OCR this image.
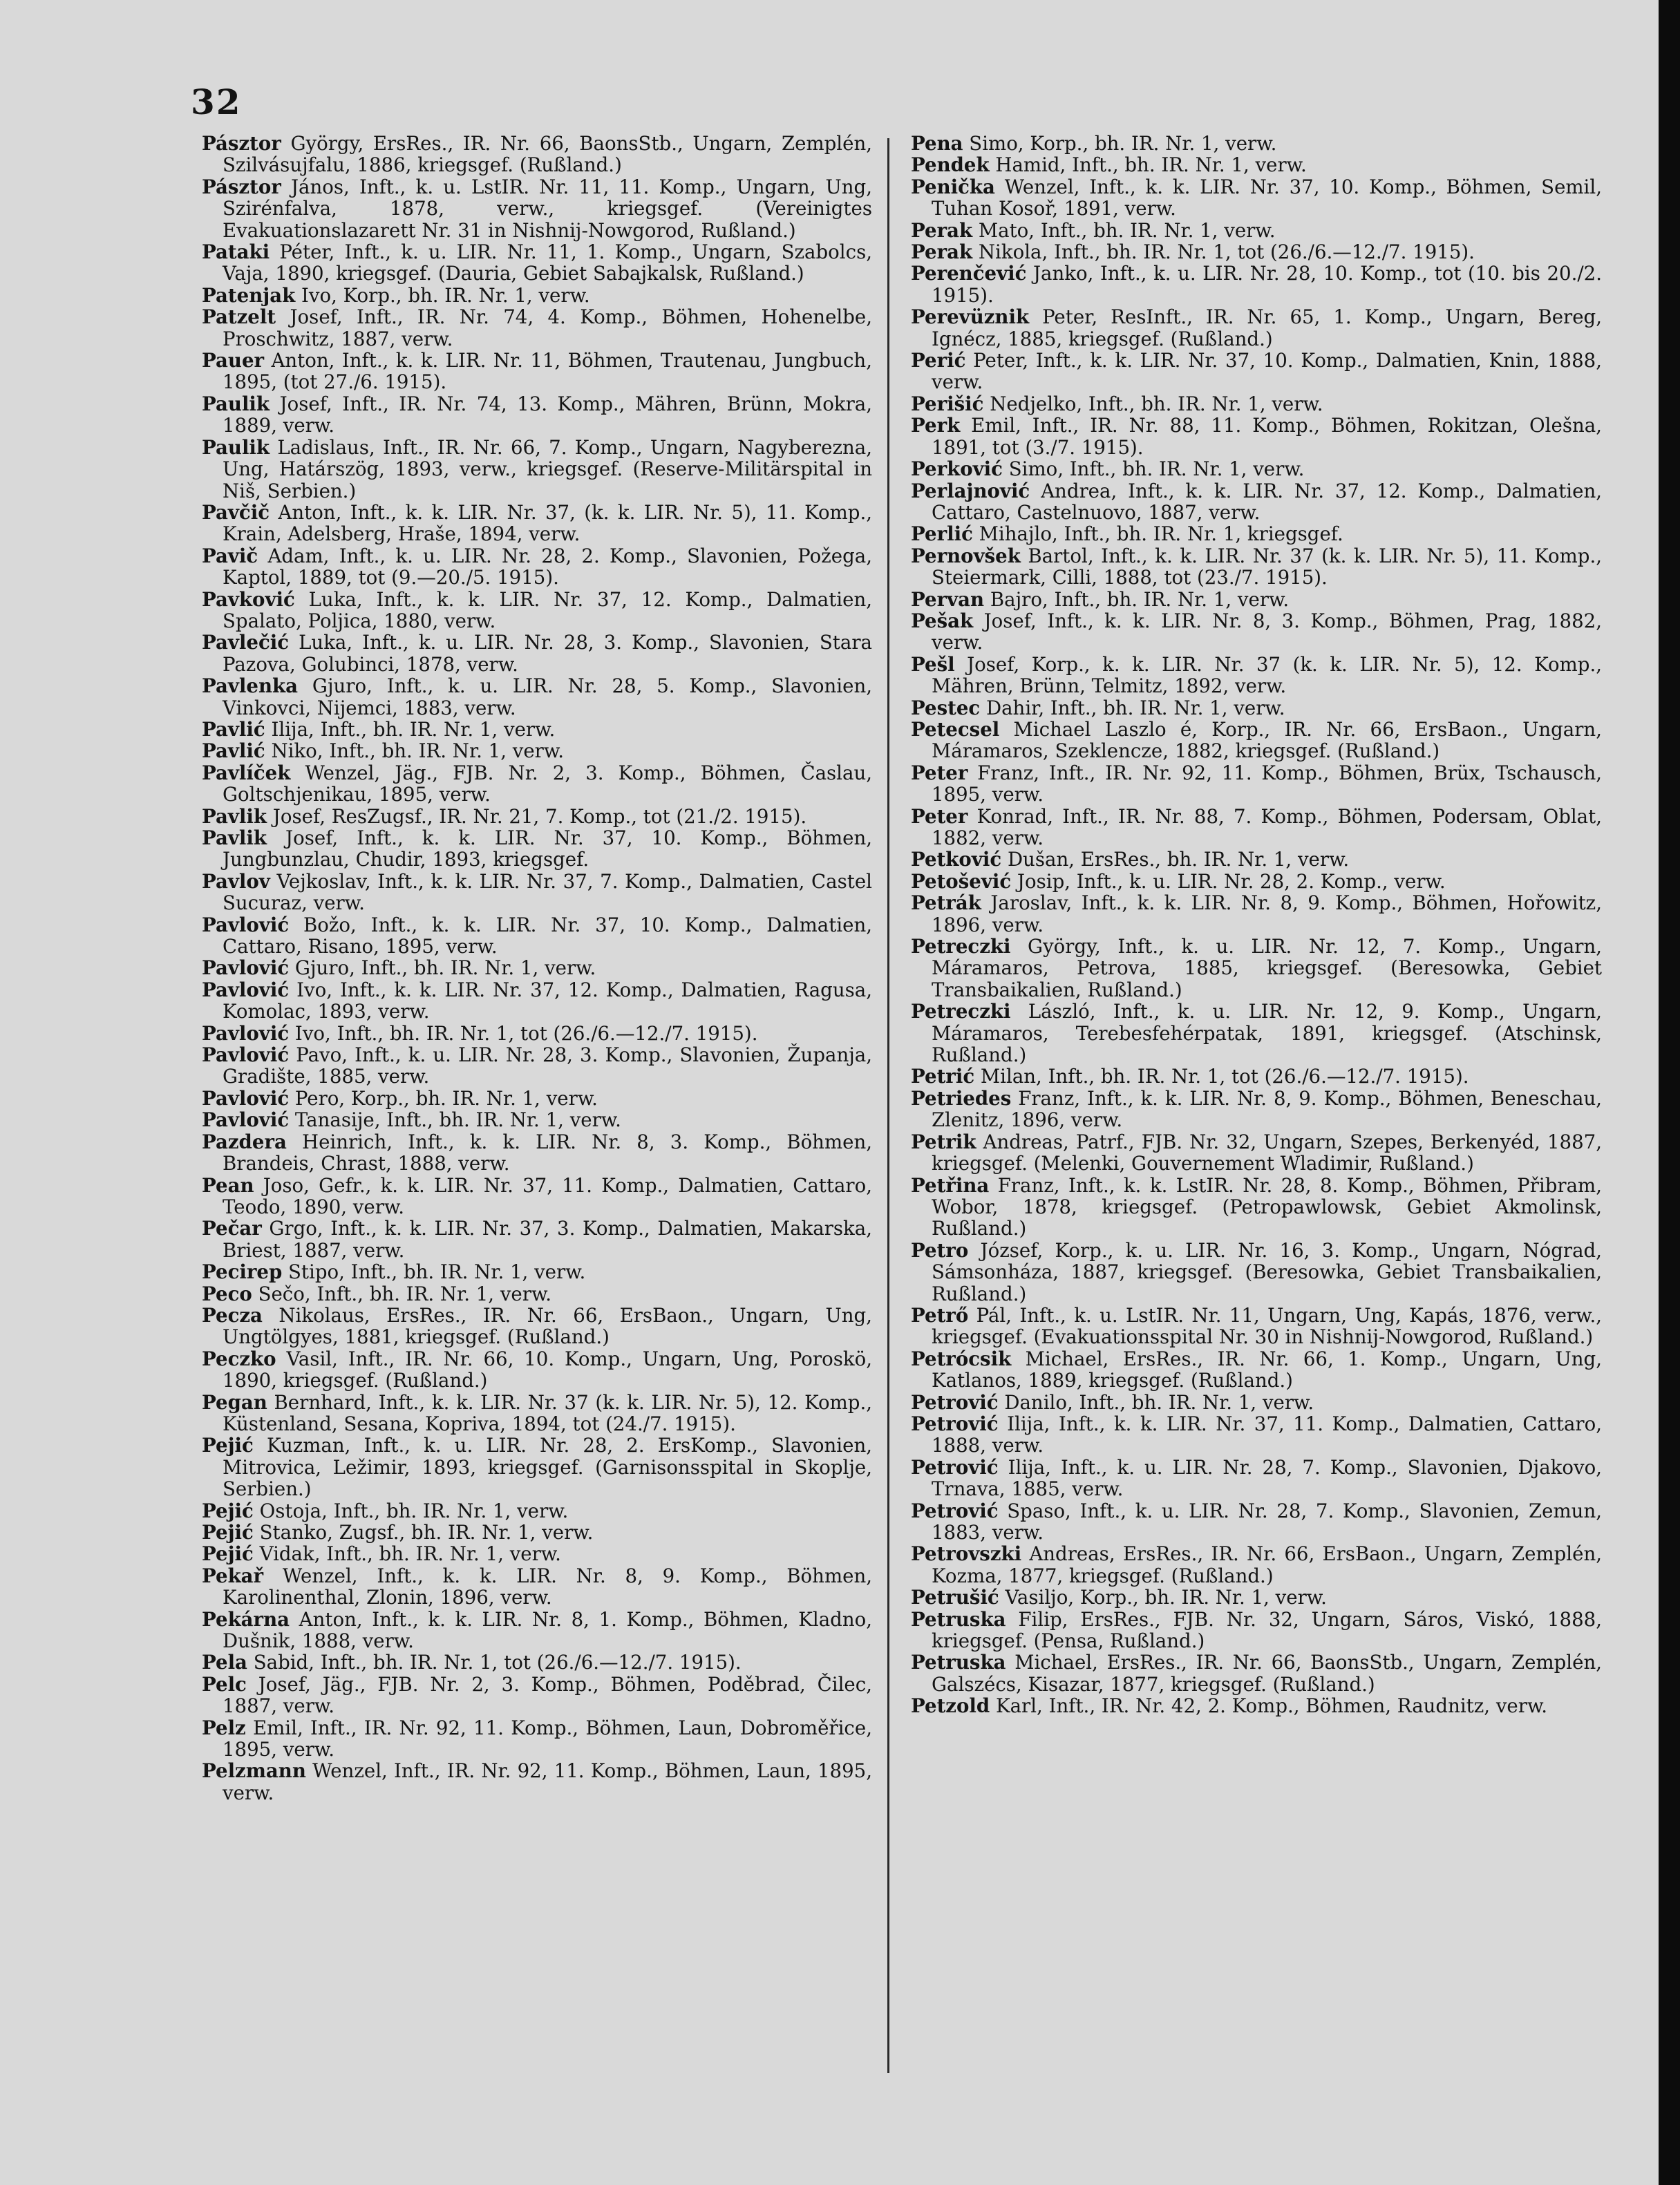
32
Pásztor György, ErsRes., IR. Nr. 66, BaonsStb., Ungarn, Zemplén, Szilvásujfalu, 1886, kriegsgef. (Rußland.)
Pásztor János, Inft., k. u. LstIR. Nr. 11, 11. Komp., Ungarn, Ung, Szirénfalva, 1878, verw., kriegsgef. (Vereinigtes Evakuationslazarett Nr. 31 in Nishnij-Nowgorod, Rußland.)
Pataki Péter, Inft., k. u. LIR. Nr. 11, 1. Komp., Ungarn, Szabolcs, Vaja, 1890, kriegsgef. (Dauria, Gebiet Sabajkalsk, Rußland.)
Patenjak Ivo, Korp., bh. IR. Nr. 1, verw.
Patzelt Josef, Inft., IR. Nr. 74, 4. Komp., Böhmen, Hohenelbe, Proschwitz, 1887, verw.
Pauer Anton, Inft., k. k. LIR. Nr. 11, Böhmen, Trautenau, Jungbuch, 1895, (tot 27./6. 1915).
Paulik Josef, Inft., IR. Nr. 74, 13. Komp., Mähren, Brünn, Mokra, 1889, verw.
Paulik Ladislaus, Inft., IR. Nr. 66, 7. Komp., Ungarn, Nagyberezna, Ung, Határszög, 1893, verw., kriegsgef. (Reserve-Militärspital in Niš, Serbien.)
Pavčič Anton, Inft., k. k. LIR. Nr. 37, (k. k. LIR. Nr. 5), 11. Komp., Krain, Adelsberg, Hraše, 1894, verw.
Pavič Adam, Inft., k. u. LIR. Nr. 28, 2. Komp., Slavonien, Požega, Kaptol, 1889, tot (9.—20./5. 1915).
Pavković Luka, Inft., k. k. LIR. Nr. 37, 12. Komp., Dalmatien, Spalato, Poljica, 1880, verw.
Pavlečić Luka, Inft., k. u. LIR. Nr. 28, 3. Komp., Slavonien, Stara Pazova, Golubinci, 1878, verw.
Pavlenka Gjuro, Inft., k. u. LIR. Nr. 28, 5. Komp., Slavonien, Vinkovci, Nijemci, 1883, verw.
Pavlić Ilija, Inft., bh. IR. Nr. 1, verw.
Pavlić Niko, Inft., bh. IR. Nr. 1, verw.
Pavlíček Wenzel, Jäg., FJB. Nr. 2, 3. Komp., Böhmen, Časlau, Goltschjenikau, 1895, verw.
Pavlik Josef, ResZugsf., IR. Nr. 21, 7. Komp., tot (21./2. 1915).
Pavlik Josef, Inft., k. k. LIR. Nr. 37, 10. Komp., Böhmen, Jungbunzlau, Chudir, 1893, kriegsgef.
Pavlov Vejkoslav, Inft., k. k. LIR. Nr. 37, 7. Komp., Dalmatien, Castel Sucuraz, verw.
Pavlović Božo, Inft., k. k. LIR. Nr. 37, 10. Komp., Dalmatien, Cattaro, Risano, 1895, verw.
Pavlović Gjuro, Inft., bh. IR. Nr. 1, verw.
Pavlović Ivo, Inft., k. k. LIR. Nr. 37, 12. Komp., Dalmatien, Ragusa, Komolac, 1893, verw.
Pavlović Ivo, Inft., bh. IR. Nr. 1, tot (26./6.—12./7. 1915).
Pavlović Pavo, Inft., k. u. LIR. Nr. 28, 3. Komp., Slavonien, Županja, Gradište, 1885, verw.
Pavlović Pero, Korp., bh. IR. Nr. 1, verw.
Pavlović Tanasije, Inft., bh. IR. Nr. 1, verw.
Pazdera Heinrich, Inft., k. k. LIR. Nr. 8, 3. Komp., Böhmen, Brandeis, Chrast, 1888, verw.
Pean Joso, Gefr., k. k. LIR. Nr. 37, 11. Komp., Dalmatien, Cattaro, Teodo, 1890, verw.
Pečar Grgo, Inft., k. k. LIR. Nr. 37, 3. Komp., Dalmatien, Makarska, Briest, 1887, verw.
Pecirep Stipo, Inft., bh. IR. Nr. 1, verw.
Peco Sečo, Inft., bh. IR. Nr. 1, verw.
Pecza Nikolaus, ErsRes., IR. Nr. 66, ErsBaon., Ungarn, Ung, Ungtölgyes, 1881, kriegsgef. (Rußland.)
Peczko Vasil, Inft., IR. Nr. 66, 10. Komp., Ungarn, Ung, Poroskö, 1890, kriegsgef. (Rußland.)
Pegan Bernhard, Inft., k. k. LIR. Nr. 37 (k. k. LIR. Nr. 5), 12. Komp., Küstenland, Sesana, Kopriva, 1894, tot (24./7. 1915).
Pejić Kuzman, Inft., k. u. LIR. Nr. 28, 2. ErsKomp., Slavonien, Mitrovica, Ležimir, 1893, kriegsgef. (Garnisonsspital in Skoplje, Serbien.)
Pejić Ostoja, Inft., bh. IR. Nr. 1, verw.
Pejić Stanko, Zugsf., bh. IR. Nr. 1, verw.
Pejić Vidak, Inft., bh. IR. Nr. 1, verw.
Pekař Wenzel, Inft., k. k. LIR. Nr. 8, 9. Komp., Böhmen, Karolinenthal, Zlonin, 1896, verw.
Pekárna Anton, Inft., k. k. LIR. Nr. 8, 1. Komp., Böhmen, Kladno, Dušnik, 1888, verw.
Pela Sabid, Inft., bh. IR. Nr. 1, tot (26./6.—12./7. 1915).
Pelc Josef, Jäg., FJB. Nr. 2, 3. Komp., Böhmen, Poděbrad, Čilec, 1887, verw.
Pelz Emil, Inft., IR. Nr. 92, 11. Komp., Böhmen, Laun, Dobroměřice, 1895, verw.
Pelzmann Wenzel, Inft., IR. Nr. 92, 11. Komp., Böhmen, Laun, 1895, verw.
Pena Simo, Korp., bh. IR. Nr. 1, verw.
Pendek Hamid, Inft., bh. IR. Nr. 1, verw.
Penička Wenzel, Inft., k. k. LIR. Nr. 37, 10. Komp., Böhmen, Semil, Tuhan Kosoř, 1891, verw.
Perak Mato, Inft., bh. IR. Nr. 1, verw.
Perak Nikola, Inft., bh. IR. Nr. 1, tot (26./6.—12./7. 1915).
Perenčević Janko, Inft., k. u. LIR. Nr. 28, 10. Komp., tot (10. bis 20./2. 1915).
Perevüznik Peter, ResInft., IR. Nr. 65, 1. Komp., Ungarn, Bereg, Ignécz, 1885, kriegsgef. (Rußland.)
Perić Peter, Inft., k. k. LIR. Nr. 37, 10. Komp., Dalmatien, Knin, 1888, verw.
Perišić Nedjelko, Inft., bh. IR. Nr. 1, verw.
Perk Emil, Inft., IR. Nr. 88, 11. Komp., Böhmen, Rokitzan, Olešna, 1891, tot (3./7. 1915).
Perković Simo, Inft., bh. IR. Nr. 1, verw.
Perlajnović Andrea, Inft., k. k. LIR. Nr. 37, 12. Komp., Dalmatien, Cattaro, Castelnuovo, 1887, verw.
Perlić Mihajlo, Inft., bh. IR. Nr. 1, kriegsgef.
Pernovšek Bartol, Inft., k. k. LIR. Nr. 37 (k. k. LIR. Nr. 5), 11. Komp., Steiermark, Cilli, 1888, tot (23./7. 1915).
Pervan Bajro, Inft., bh. IR. Nr. 1, verw.
Pešak Josef, Inft., k. k. LIR. Nr. 8, 3. Komp., Böhmen, Prag, 1882, verw.
Pešl Josef, Korp., k. k. LIR. Nr. 37 (k. k. LIR. Nr. 5), 12. Komp., Mähren, Brünn, Telmitz, 1892, verw.
Pestec Dahir, Inft., bh. IR. Nr. 1, verw.
Petecsel Michael Laszlo é, Korp., IR. Nr. 66, ErsBaon., Ungarn, Máramaros, Szeklencze, 1882, kriegsgef. (Rußland.)
Peter Franz, Inft., IR. Nr. 92, 11. Komp., Böhmen, Brüx, Tschausch, 1895, verw.
Peter Konrad, Inft., IR. Nr. 88, 7. Komp., Böhmen, Podersam, Oblat, 1882, verw.
Petković Dušan, ErsRes., bh. IR. Nr. 1, verw.
Petošević Josip, Inft., k. u. LIR. Nr. 28, 2. Komp., verw.
Petrák Jaroslav, Inft., k. k. LIR. Nr. 8, 9. Komp., Böhmen, Hořowitz, 1896, verw.
Petreczki György, Inft., k. u. LIR. Nr. 12, 7. Komp., Ungarn, Máramaros, Petrova, 1885, kriegsgef. (Beresowka, Gebiet Transbaikalien, Rußland.)
Petreczki László, Inft., k. u. LIR. Nr. 12, 9. Komp., Ungarn, Máramaros, Terebesfehérpatak, 1891, kriegsgef. (Atschinsk, Rußland.)
Petrić Milan, Inft., bh. IR. Nr. 1, tot (26./6.—12./7. 1915).
Petriedes Franz, Inft., k. k. LIR. Nr. 8, 9. Komp., Böhmen, Beneschau, Zlenitz, 1896, verw.
Petrik Andreas, Patrf., FJB. Nr. 32, Ungarn, Szepes, Berkenyéd, 1887, kriegsgef. (Melenki, Gouvernement Wladimir, Rußland.)
Petřina Franz, Inft., k. k. LstIR. Nr. 28, 8. Komp., Böhmen, Přibram, Wobor, 1878, kriegsgef. (Petropawlowsk, Gebiet Akmolinsk, Rußland.)
Petro József, Korp., k. u. LIR. Nr. 16, 3. Komp., Ungarn, Nógrad, Sámsonháza, 1887, kriegsgef. (Beresowka, Gebiet Transbaikalien, Rußland.)
Petrő Pál, Inft., k. u. LstIR. Nr. 11, Ungarn, Ung, Kapás, 1876, verw., kriegsgef. (Evakuationsspital Nr. 30 in Nishnij-Nowgorod, Rußland.)
Petrócsik Michael, ErsRes., IR. Nr. 66, 1. Komp., Ungarn, Ung, Katlanos, 1889, kriegsgef. (Rußland.)
Petrović Danilo, Inft., bh. IR. Nr. 1, verw.
Petrović Ilija, Inft., k. k. LIR. Nr. 37, 11. Komp., Dalmatien, Cattaro, 1888, verw.
Petrović Ilija, Inft., k. u. LIR. Nr. 28, 7. Komp., Slavonien, Djakovo, Trnava, 1885, verw.
Petrović Spaso, Inft., k. u. LIR. Nr. 28, 7. Komp., Slavonien, Zemun, 1883, verw.
Petrovszki Andreas, ErsRes., IR. Nr. 66, ErsBaon., Ungarn, Zemplén, Kozma, 1877, kriegsgef. (Rußland.)
Petrušić Vasiljo, Korp., bh. IR. Nr. 1, verw.
Petruska Filip, ErsRes., FJB. Nr. 32, Ungarn, Sáros, Viskó, 1888, kriegsgef. (Pensa, Rußland.)
Petruska Michael, ErsRes., IR. Nr. 66, BaonsStb., Ungarn, Zemplén, Galszécs, Kisazar, 1877, kriegsgef. (Rußland.)
Petzold Karl, Inft., IR. Nr. 42, 2. Komp., Böhmen, Raudnitz, verw.
